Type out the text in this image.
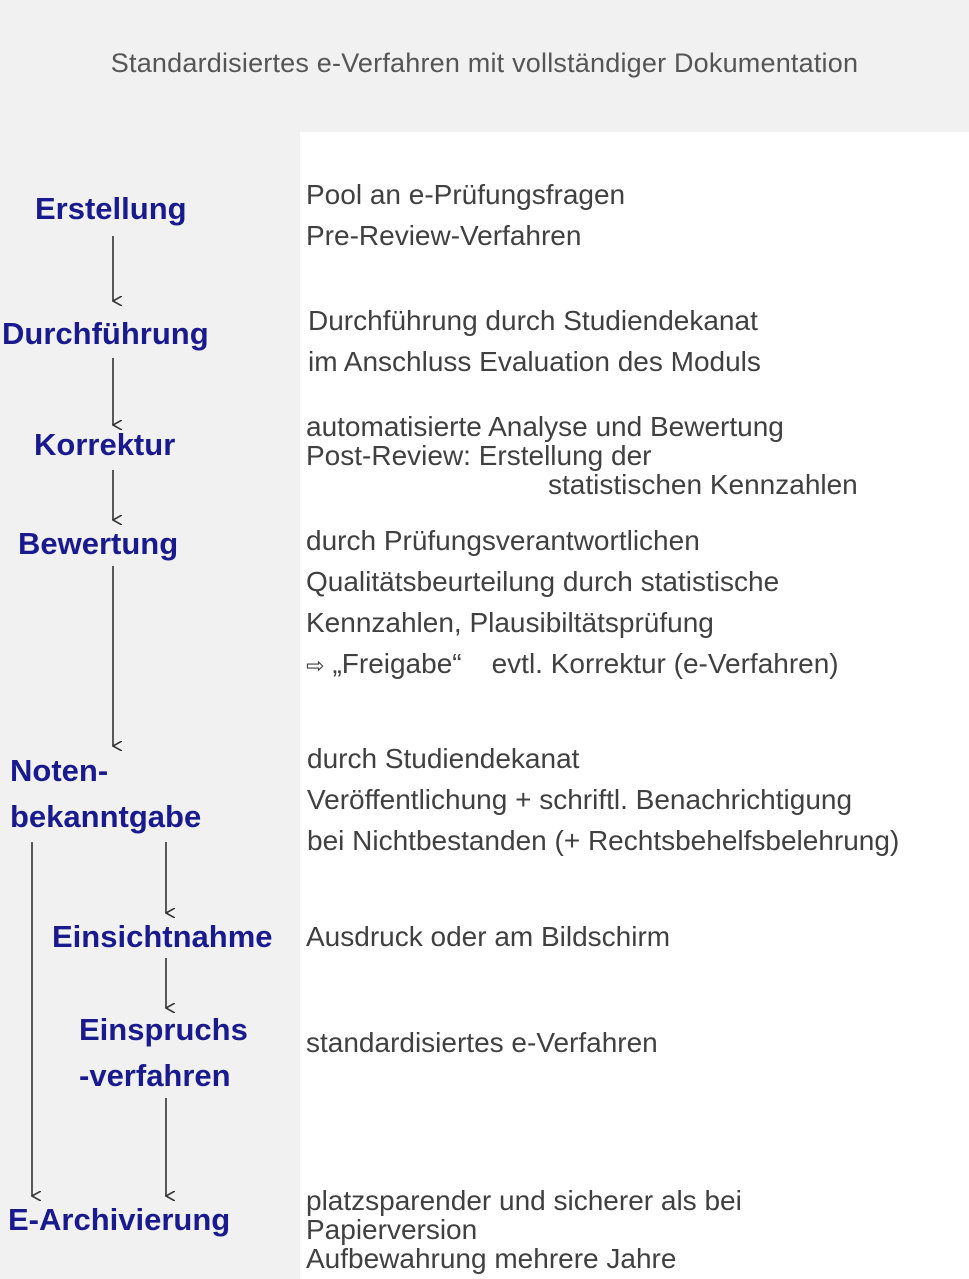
Standardisiertes e-Verfahren mit vollständiger Dokumentation
Erstellung
Durchführung
Korrektur
Bewertung
Noten-
bekanntgabe
Einsichtnahme
Einspruchs
-verfahren
E-Archivierung
Pool an e-Prüfungsfragen
Pre-Review-Verfahren
Durchführung durch Studiendekanat
im Anschluss Evaluation des Moduls
automatisierte Analyse und Bewertung
Post-Review: Erstellung der
statistischen Kennzahlen
durch Prüfungsverantwortlichen
Qualitätsbeurteilung durch statistische
Kennzahlen, Plausibiltätsprüfung
⇨ „Freigabe“ evtl. Korrektur (e-Verfahren)
durch Studiendekanat
Veröffentlichung + schriftl. Benachrichtigung
bei Nichtbestanden (+ Rechtsbehelfsbelehrung)
Ausdruck oder am Bildschirm
standardisiertes e-Verfahren
platzsparender und sicherer als bei
Papierversion
Aufbewahrung mehrere Jahre
